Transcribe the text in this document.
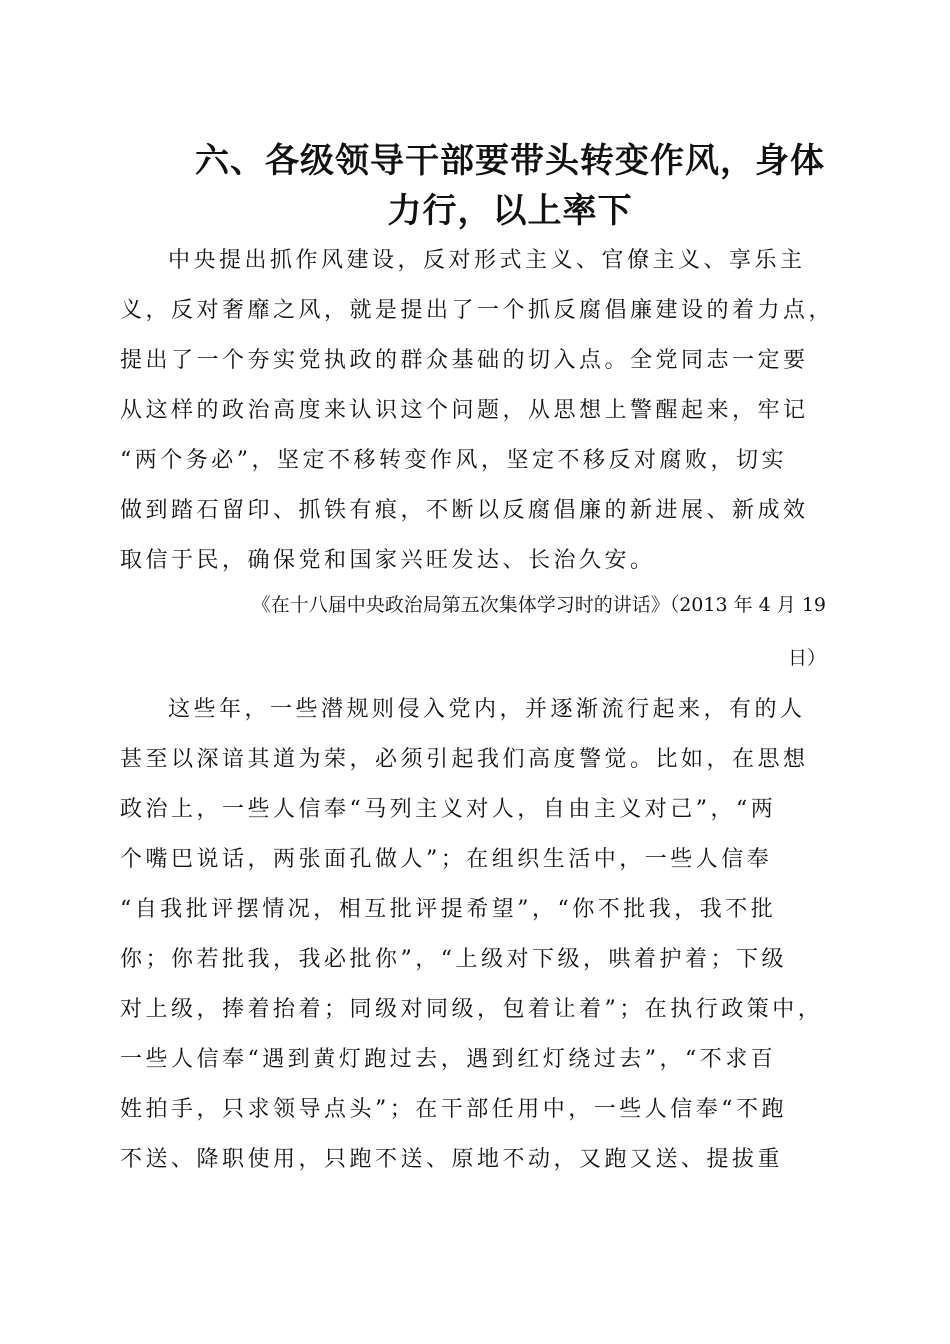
六、各级领导干部要带头转变作风，身体
力行，以上率下
中央提出抓作风建设，反对形式主义、官僚主义、享乐主
义，反对奢靡之风，就是提出了一个抓反腐倡廉建设的着力点，
提出了一个夯实党执政的群众基础的切入点。全党同志一定要
从这样的政治高度来认识这个问题，从思想上警醒起来，牢记
“两个务必”，坚定不移转变作风，坚定不移反对腐败，切实
做到踏石留印、抓铁有痕，不断以反腐倡廉的新进展、新成效
取信于民，确保党和国家兴旺发达、长治久安。
《在十八届中央政治局第五次集体学习时的讲话》（2013 年 4 月 19
日）
这些年，一些潜规则侵入党内，并逐渐流行起来，有的人
甚至以深谙其道为荣，必须引起我们高度警觉。比如，在思想
政治上，一些人信奉“马列主义对人，自由主义对己”，“两
个嘴巴说话，两张面孔做人”；在组织生活中，一些人信奉
“自我批评摆情况，相互批评提希望”，“你不批我，我不批
你；你若批我，我必批你”，“上级对下级，哄着护着；下级
对上级，捧着抬着；同级对同级，包着让着”；在执行政策中，
一些人信奉“遇到黄灯跑过去，遇到红灯绕过去”，“不求百
姓拍手，只求领导点头”；在干部任用中，一些人信奉“不跑
不送、降职使用，只跑不送、原地不动，又跑又送、提拔重
